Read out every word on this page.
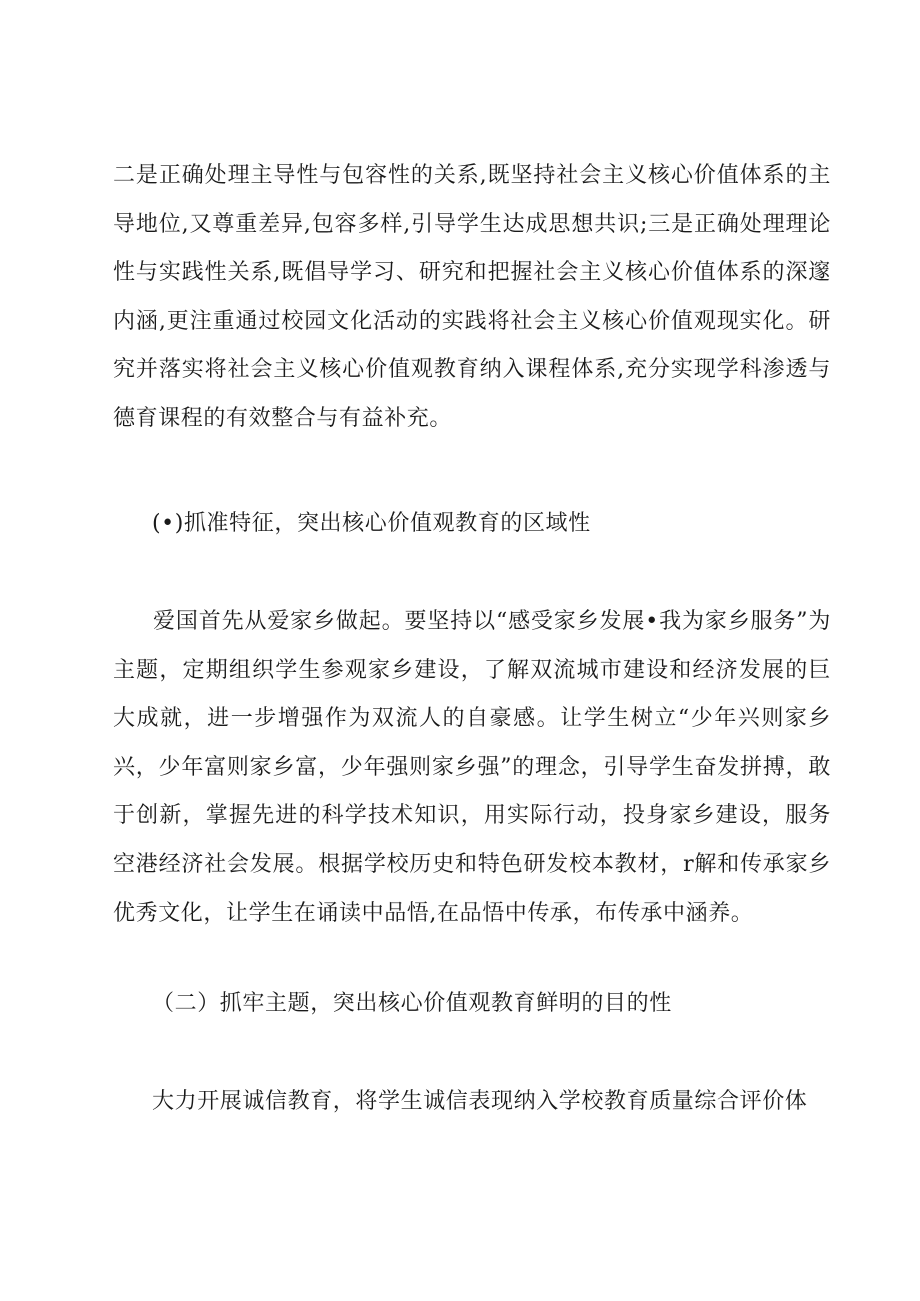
二是正确处理主导性与包容性的关系,既坚持社会主义核心价值体系的主导地位,又尊重差异,包容多样,引导学生达成思想共识;三是正确处理理论性与实践性关系,既倡导学习、研究和把握社会主义核心价值体系的深邃内涵,更注重通过校园文化活动的实践将社会主义核心价值观现实化。研究并落实将社会主义核心价值观教育纳入课程体系,充分实现学科渗透与德育课程的有效整合与有益补充。

(•)抓准特征，突出核心价值观教育的区域性

爱国首先从爱家乡做起。要坚持以“感受家乡发展•我为家乡服务”为主题，定期组织学生参观家乡建设，了解双流城市建设和经济发展的巨大成就，进一步增强作为双流人的自豪感。让学生树立“少年兴则家乡兴，少年富则家乡富，少年强则家乡强”的理念，引导学生奋发拼搏，敢于创新，掌握先进的科学技术知识，用实际行动，投身家乡建设，服务空港经济社会发展。根据学校历史和特色研发校本教材，r解和传承家乡优秀文化，让学生在诵读中品悟,在品悟中传承，布传承中涵养。

（二）抓牢主题，突出核心价值观教育鲜明的目的性

大力开展诚信教育，将学生诚信表现纳入学校教育质量综合评价体
